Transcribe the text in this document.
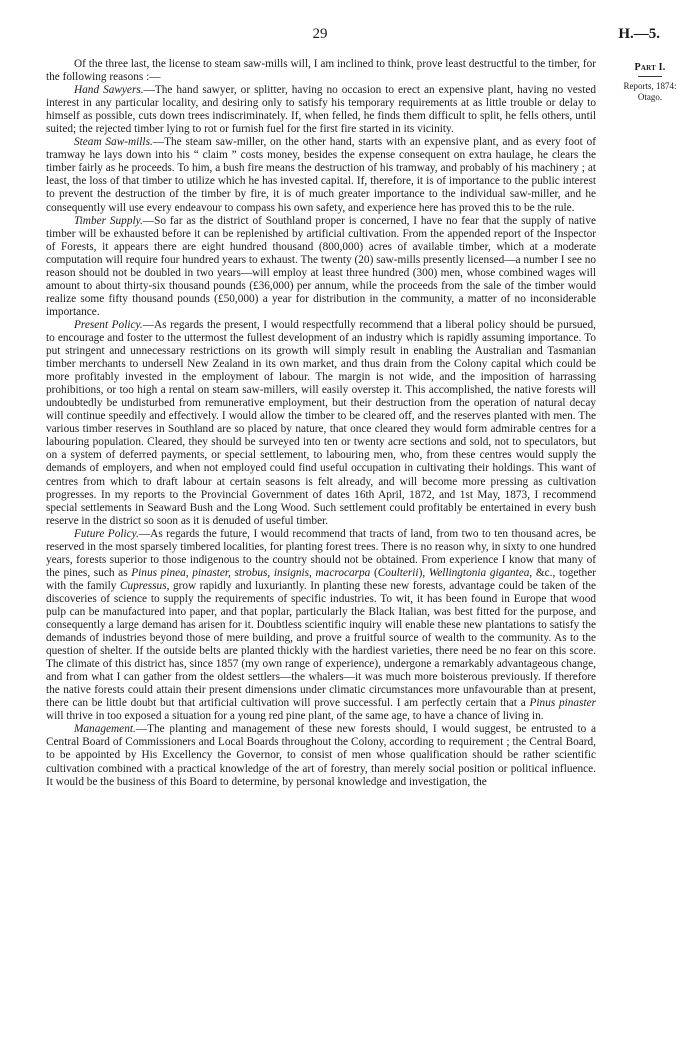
29	H.—5.
Part I.
Reports, 1874:
Otago.

Of the three last, the license to steam saw-mills will, I am inclined to think, prove least destructful to the timber, for the following reasons :—

Hand Sawyers.—The hand sawyer, or splitter, having no occasion to erect an expensive plant, having no vested interest in any particular locality, and desiring only to satisfy his temporary requirements at as little trouble or delay to himself as possible, cuts down trees indiscriminately. If, when felled, he finds them difficult to split, he fells others, until suited; the rejected timber lying to rot or furnish fuel for the first fire started in its vicinity.

Steam Saw-mills.—The steam saw-miller, on the other hand, starts with an expensive plant, and as every foot of tramway he lays down into his “ claim ” costs money, besides the expense consequent on extra haulage, he clears the timber fairly as he proceeds. To him, a bush fire means the destruction of his tramway, and probably of his machinery ; at least, the loss of that timber to utilize which he has invested capital. If, therefore, it is of importance to the public interest to prevent the destruction of the timber by fire, it is of much greater importance to the individual saw-miller, and he consequently will use every endeavour to compass his own safety, and experience here has proved this to be the rule.

Timber Supply.—So far as the district of Southland proper is concerned, I have no fear that the supply of native timber will be exhausted before it can be replenished by artificial cultivation. From the appended report of the Inspector of Forests, it appears there are eight hundred thousand (800,000) acres of available timber, which at a moderate computation will require four hundred years to exhaust. The twenty (20) saw-mills presently licensed—a number I see no reason should not be doubled in two years—will employ at least three hundred (300) men, whose combined wages will amount to about thirty-six thousand pounds (£36,000) per annum, while the proceeds from the sale of the timber would realize some fifty thousand pounds (£50,000) a year for distribution in the community, a matter of no inconsiderable importance.

Present Policy.—As regards the present, I would respectfully recommend that a liberal policy should be pursued, to encourage and foster to the uttermost the fullest development of an industry which is rapidly assuming importance. To put stringent and unnecessary restrictions on its growth will simply result in enabling the Australian and Tasmanian timber merchants to undersell New Zealand in its own market, and thus drain from the Colony capital which could be more profitably invested in the employment of labour. The margin is not wide, and the imposition of harrassing prohibitions, or too high a rental on steam saw-millers, will easily overstep it. This accomplished, the native forests will undoubtedly be undisturbed from remunerative employment, but their destruction from the operation of natural decay will continue speedily and effectively. I would allow the timber to be cleared off, and the reserves planted with men. The various timber reserves in Southland are so placed by nature, that once cleared they would form admirable centres for a labouring population. Cleared, they should be surveyed into ten or twenty acre sections and sold, not to speculators, but on a system of deferred payments, or special settlement, to labouring men, who, from these centres would supply the demands of employers, and when not employed could find useful occupation in cultivating their holdings. This want of centres from which to draft labour at certain seasons is felt already, and will become more pressing as cultivation progresses. In my reports to the Provincial Government of dates 16th April, 1872, and 1st May, 1873, I recommend special settlements in Seaward Bush and the Long Wood. Such settlement could profitably be entertained in every bush reserve in the district so soon as it is denuded of useful timber.

Future Policy.—As regards the future, I would recommend that tracts of land, from two to ten thousand acres, be reserved in the most sparsely timbered localities, for planting forest trees. There is no reason why, in sixty to one hundred years, forests superior to those indigenous to the country should not be obtained. From experience I know that many of the pines, such as Pinus pinea, pinaster, strobus, insignis, macrocarpa (Coulterii), Wellingtonia gigantea, &c., together with the family Cupressus, grow rapidly and luxuriantly. In planting these new forests, advantage could be taken of the discoveries of science to supply the requirements of specific industries. To wit, it has been found in Europe that wood pulp can be manufactured into paper, and that poplar, particularly the Black Italian, was best fitted for the purpose, and consequently a large demand has arisen for it. Doubtless scientific inquiry will enable these new plantations to satisfy the demands of industries beyond those of mere building, and prove a fruitful source of wealth to the community. As to the question of shelter. If the outside belts are planted thickly with the hardiest varieties, there need be no fear on this score. The climate of this district has, since 1857 (my own range of experience), undergone a remarkably advantageous change, and from what I can gather from the oldest settlers—the whalers—it was much more boisterous previously. If therefore the native forests could attain their present dimensions under climatic circumstances more unfavourable than at present, there can be little doubt but that artificial cultivation will prove successful. I am perfectly certain that a Pinus pinaster will thrive in too exposed a situation for a young red pine plant, of the same age, to have a chance of living in.

Management.—The planting and management of these new forests should, I would suggest, be entrusted to a Central Board of Commissioners and Local Boards throughout the Colony, according to requirement ; the Central Board, to be appointed by His Excellency the Governor, to consist of men whose qualification should be rather scientific cultivation combined with a practical knowledge of the art of forestry, than merely social position or political influence. It would be the business of this Board to determine, by personal knowledge and investigation, the
